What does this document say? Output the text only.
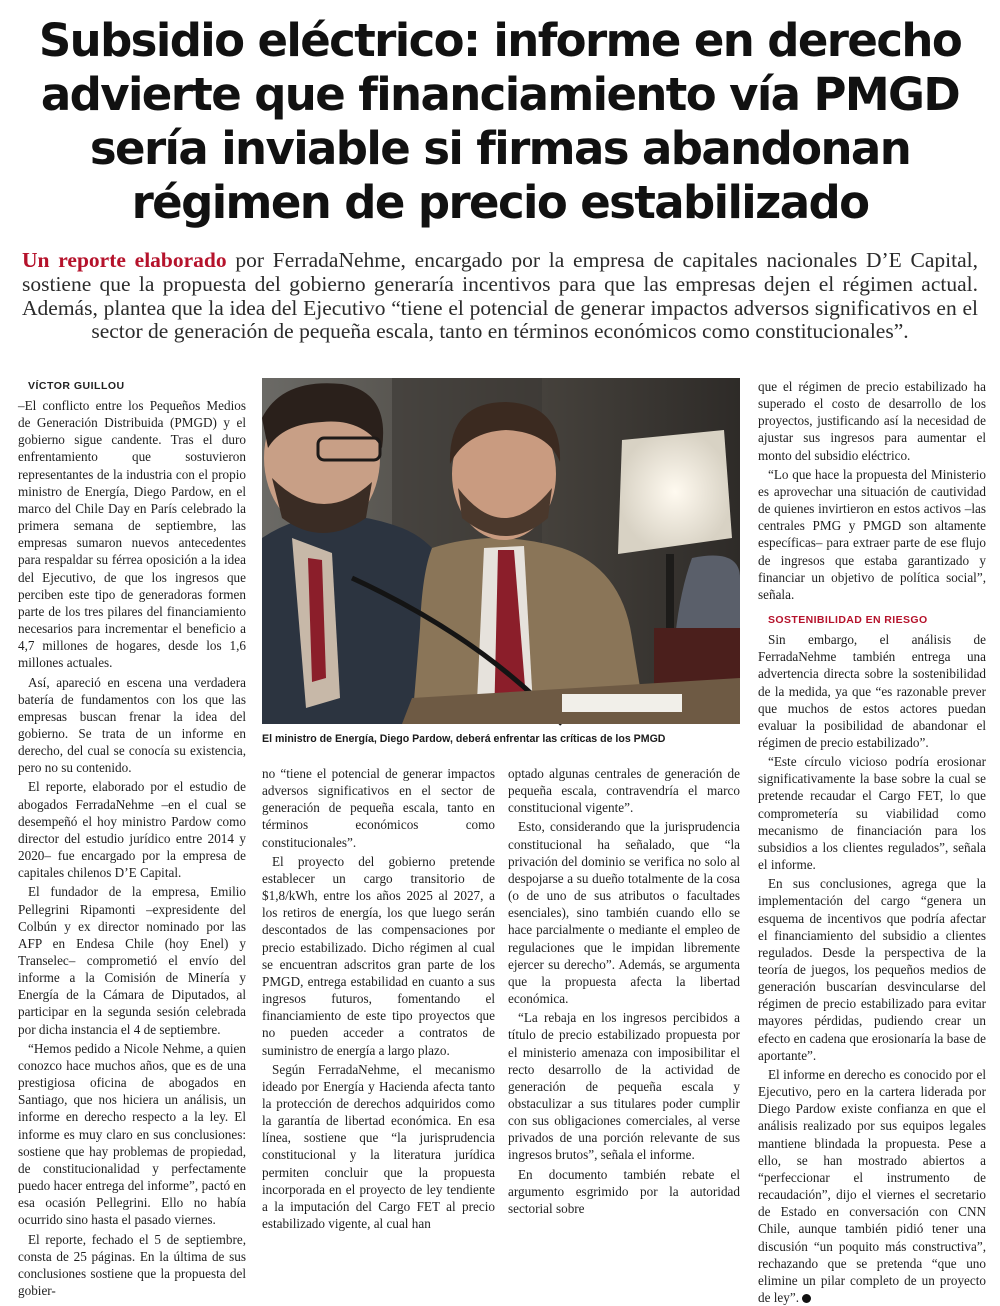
Subsidio eléctrico: informe en derecho advierte que financiamiento vía PMGD sería inviable si firmas abandonan régimen de precio estabilizado

Un reporte elaborado por FerradaNehme, encargado por la empresa de capitales nacionales D’E Capital, sostiene que la propuesta del gobierno generaría incentivos para que las empresas dejen el régimen actual. Además, plantea que la idea del Ejecutivo “tiene el potencial de generar impactos adversos significativos en el sector de generación de pequeña escala, tanto en términos económicos como constitucionales”.

VÍCTOR GUILLOU

–El conflicto entre los Pequeños Medios de Generación Distribuida (PMGD) y el gobierno sigue candente. Tras el duro enfrentamiento que sostuvieron representantes de la industria con el propio ministro de Energía, Diego Pardow, en el marco del Chile Day en París celebrado la primera semana de septiembre, las empresas sumaron nuevos antecedentes para respaldar su férrea oposición a la idea del Ejecutivo, de que los ingresos que perciben este tipo de generadoras formen parte de los tres pilares del financiamiento necesarios para incrementar el beneficio a 4,7 millones de hogares, desde los 1,6 millones actuales.

Así, apareció en escena una verdadera batería de fundamentos con los que las empresas buscan frenar la idea del gobierno. Se trata de un informe en derecho, del cual se conocía su existencia, pero no su contenido.

El reporte, elaborado por el estudio de abogados FerradaNehme –en el cual se desempeñó el hoy ministro Pardow como director del estudio jurídico entre 2014 y 2020– fue encargado por la empresa de capitales chilenos D’E Capital.

El fundador de la empresa, Emilio Pellegrini Ripamonti –expresidente del Colbún y ex director nominado por las AFP en Endesa Chile (hoy Enel) y Transelec– comprometió el envío del informe a la Comisión de Minería y Energía de la Cámara de Diputados, al participar en la segunda sesión celebrada por dicha instancia el 4 de septiembre.

“Hemos pedido a Nicole Nehme, a quien conozco hace muchos años, que es de una prestigiosa oficina de abogados en Santiago, que nos hiciera un análisis, un informe en derecho respecto a la ley. El informe es muy claro en sus conclusiones: sostiene que hay problemas de propiedad, de constitucionalidad y perfectamente puedo hacer entrega del informe”, pactó en esa ocasión Pellegrini. Ello no había ocurrido sino hasta el pasado viernes.

El reporte, fechado el 5 de septiembre, consta de 25 páginas. En la última de sus conclusiones sostiene que la propuesta del gobier-

El ministro de Energía, Diego Pardow, deberá enfrentar las críticas de los PMGD

no “tiene el potencial de generar impactos adversos significativos en el sector de generación de pequeña escala, tanto en términos económicos como constitucionales”.

El proyecto del gobierno pretende establecer un cargo transitorio de $1,8/kWh, entre los años 2025 al 2027, a los retiros de energía, los que luego serán descontados de las compensaciones por precio estabilizado. Dicho régimen al cual se encuentran adscritos gran parte de los PMGD, entrega estabilidad en cuanto a sus ingresos futuros, fomentando el financiamiento de este tipo proyectos que no pueden acceder a contratos de suministro de energía a largo plazo.

Según FerradaNehme, el mecanismo ideado por Energía y Hacienda afecta tanto la protección de derechos adquiridos como la garantía de libertad económica. En esa línea, sostiene que “la jurisprudencia constitucional y la literatura jurídica permiten concluir que la propuesta incorporada en el proyecto de ley tendiente a la imputación del Cargo FET al precio estabilizado vigente, al cual han

optado algunas centrales de generación de pequeña escala, contravendría el marco constitucional vigente”.

Esto, considerando que la jurisprudencia constitucional ha señalado, que “la privación del dominio se verifica no solo al despojarse a su dueño totalmente de la cosa (o de uno de sus atributos o facultades esenciales), sino también cuando ello se hace parcialmente o mediante el empleo de regulaciones que le impidan libremente ejercer su derecho”. Además, se argumenta que la propuesta afecta la libertad económica.

“La rebaja en los ingresos percibidos a título de precio estabilizado propuesta por el ministerio amenaza con imposibilitar el recto desarrollo de la actividad de generación de pequeña escala y obstaculizar a sus titulares poder cumplir con sus obligaciones comerciales, al verse privados de una porción relevante de sus ingresos brutos”, señala el informe.

En documento también rebate el argumento esgrimido por la autoridad sectorial sobre

que el régimen de precio estabilizado ha superado el costo de desarrollo de los proyectos, justificando así la necesidad de ajustar sus ingresos para aumentar el monto del subsidio eléctrico.

“Lo que hace la propuesta del Ministerio es aprovechar una situación de cautividad de quienes invirtieron en estos activos –las centrales PMG y PMGD son altamente específicas– para extraer parte de ese flujo de ingresos que estaba garantizado y financiar un objetivo de política social”, señala.

SOSTENIBILIDAD EN RIESGO

Sin embargo, el análisis de FerradaNehme también entrega una advertencia directa sobre la sostenibilidad de la medida, ya que “es razonable prever que muchos de estos actores puedan evaluar la posibilidad de abandonar el régimen de precio estabilizado”.

“Este círculo vicioso podría erosionar significativamente la base sobre la cual se pretende recaudar el Cargo FET, lo que comprometería su viabilidad como mecanismo de financiación para los subsidios a los clientes regulados”, señala el informe.

En sus conclusiones, agrega que la implementación del cargo “genera un esquema de incentivos que podría afectar el financiamiento del subsidio a clientes regulados. Desde la perspectiva de la teoría de juegos, los pequeños medios de generación buscarían desvincularse del régimen de precio estabilizado para evitar mayores pérdidas, pudiendo crear un efecto en cadena que erosionaría la base de aportante”.

El informe en derecho es conocido por el Ejecutivo, pero en la cartera liderada por Diego Pardow existe confianza en que el análisis realizado por sus equipos legales mantiene blindada la propuesta. Pese a ello, se han mostrado abiertos a “perfeccionar el instrumento de recaudación”, dijo el viernes el secretario de Estado en conversación con CNN Chile, aunque también pidió tener una discusión “un poquito más constructiva”, rechazando que se pretenda “que uno elimine un pilar completo de un proyecto de ley”.
